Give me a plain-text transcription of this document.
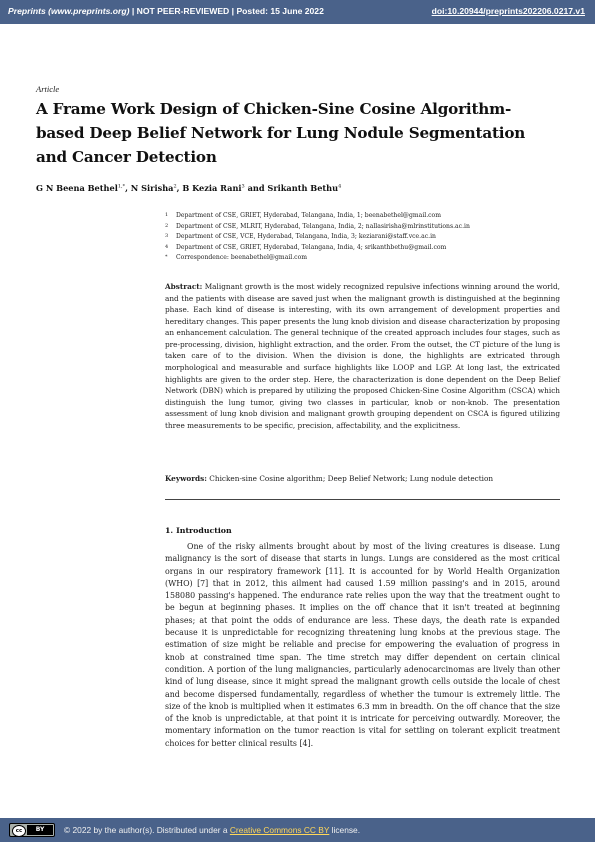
Preprints (www.preprints.org) | NOT PEER-REVIEWED | Posted: 15 June 2022	doi:10.20944/preprints202206.0217.v1
Article
A Frame Work Design of Chicken-Sine Cosine Algorithm-based Deep Belief Network for Lung Nodule Segmentation and Cancer Detection
G N Beena Bethel$^{1,*}$, N Sirisha$^2$, B Kezia Rani$^3$ and Srikanth Bethu$^4$
1 Department of CSE, GRIET, Hyderabad, Telangana, India, 1; beenabethel@gmail.com
2 Department of CSE, MLRIT, Hyderabad, Telangana, India, 2; nallasirisha@mlrinstitutions.ac.in
3 Department of CSE, VCE, Hyderabad, Telangana, India, 3; keziarani@staff.vce.ac.in
4 Department of CSE, GRIET, Hyderabad, Telangana, India, 4; srikanthbethu@gmail.com
* Correspondence: beenabethel@gmail.com
Abstract: Malignant growth is the most widely recognized repulsive infections winning around the world, and the patients with disease are saved just when the malignant growth is distinguished at the beginning phase. Each kind of disease is interesting, with its own arrangement of development properties and hereditary changes. This paper presents the lung knob division and disease characterization by proposing an enhancement calculation. The general technique of the created approach includes four stages, such as pre-processing, division, highlight extraction, and the order. From the outset, the CT picture of the lung is taken care of to the division. When the division is done, the highlights are extricated through morphological and measurable and surface highlights like LOOP and LGP. At long last, the extricated highlights are given to the order step. Here, the characterization is done dependent on the Deep Belief Network (DBN) which is prepared by utilizing the proposed Chicken-Sine Cosine Algorithm (CSCA) which distinguish the lung tumor, giving two classes in particular, knob or non-knob. The presentation assessment of lung knob division and malignant growth grouping dependent on CSCA is figured utilizing three measurements to be specific, precision, affectability, and the explicitness.
Keywords: Chicken-sine Cosine algorithm; Deep Belief Network; Lung nodule detection
1. Introduction
One of the risky ailments brought about by most of the living creatures is disease. Lung malignancy is the sort of disease that starts in lungs. Lungs are considered as the most critical organs in our respiratory framework [11]. It is accounted for by World Health Organization (WHO) [7] that in 2012, this ailment had caused 1.59 million passing's and in 2015, around 158080 passing's happened. The endurance rate relies upon the way that the treatment ought to be begun at beginning phases. It implies on the off chance that it isn't treated at beginning phases; at that point the odds of endurance are less. These days, the death rate is expanded because it is unpredictable for recognizing threatening lung knobs at the previous stage. The estimation of size might be reliable and precise for empowering the evaluation of progress in knob at constrained time span. The time stretch may differ dependent on certain clinical condition. A portion of the lung malignancies, particularly adenocarcinomas are lively than other kind of lung disease, since it might spread the malignant growth cells outside the locale of chest and become dispersed fundamentally, regardless of whether the tumour is extremely little. The size of the knob is multiplied when it estimates 6.3 mm in breadth. On the off chance that the size of the knob is unpredictable, at that point it is intricate for perceiving outwardly. Moreover, the momentary information on the tumor reaction is vital for settling on tolerant explicit treatment choices for better clinical results [4].
cc	BY	© 2022 by the author(s). Distributed under a Creative Commons CC BY license.
